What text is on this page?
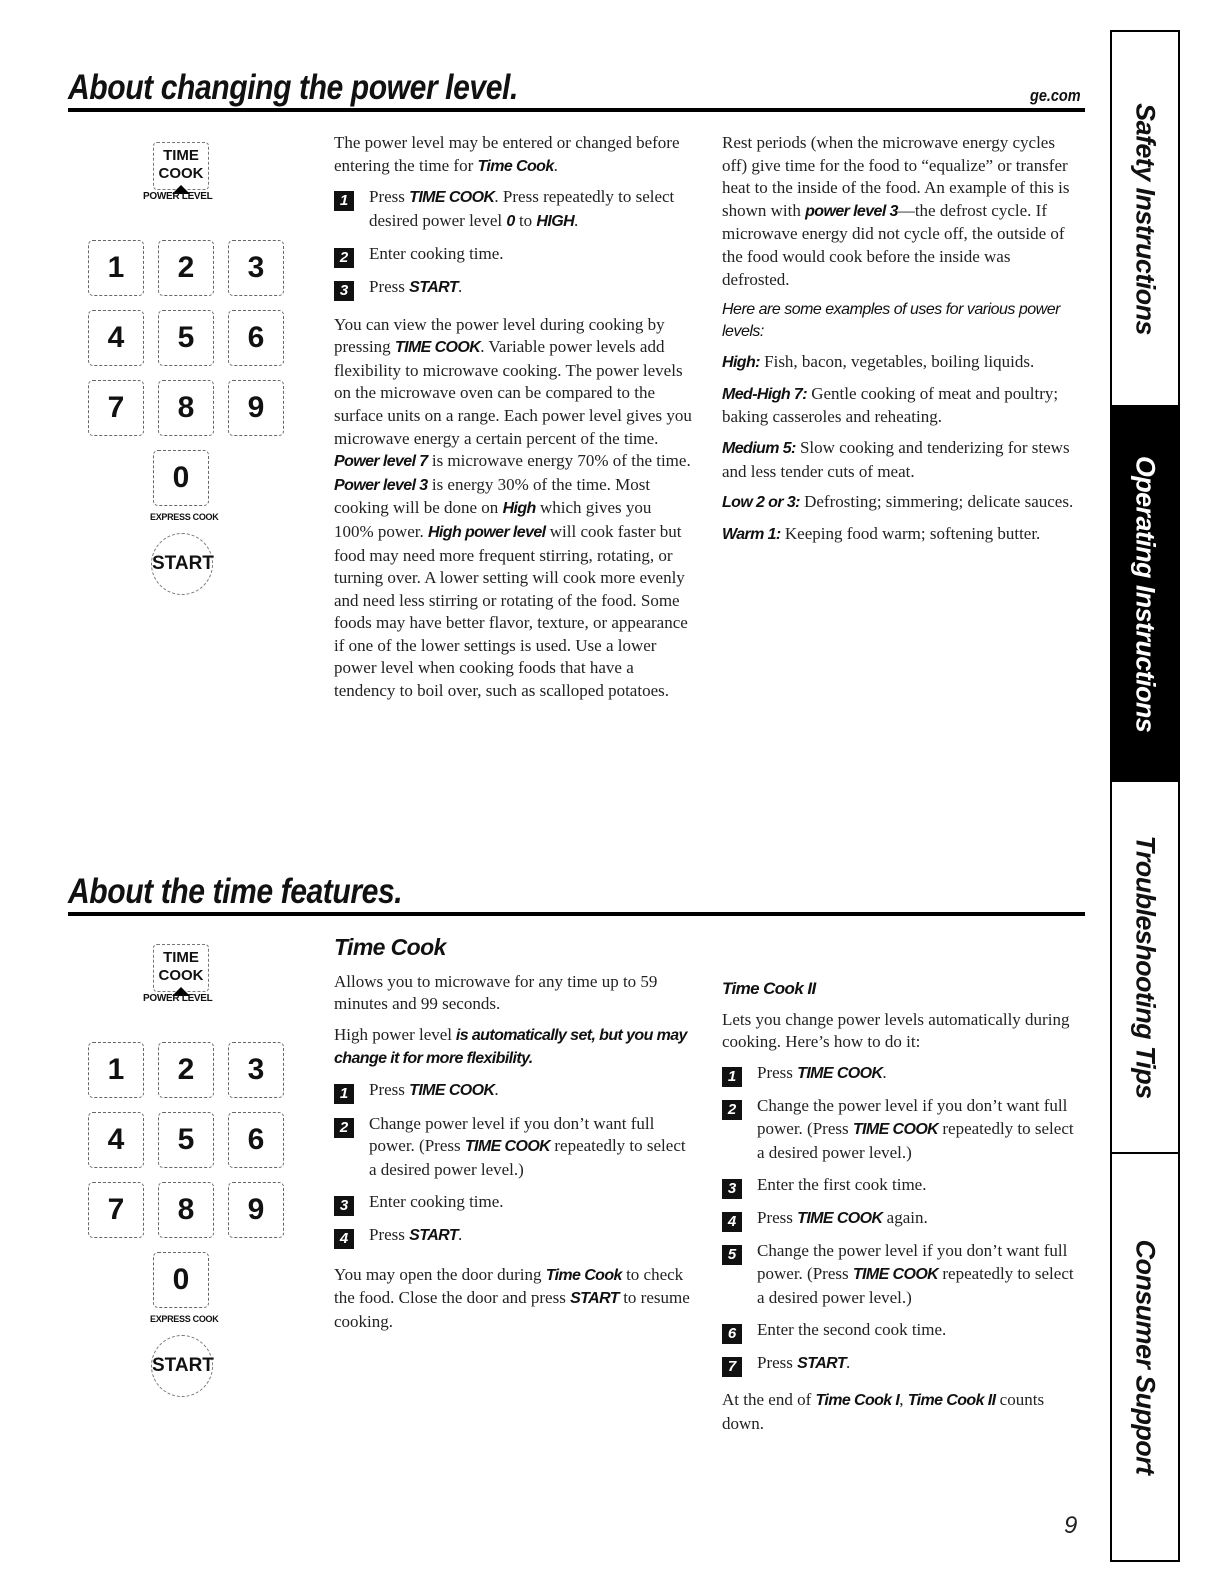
About changing the power level.	ge.com
About the time features.
TIME
COOK
POWER LEVEL
1	2	3
4	5	6
7	8	9
0
EXPRESS COOK
START
TIME
COOK
POWER LEVEL
1	2	3
4	5	6
7	8	9
0
EXPRESS COOK
START

The power level may be entered or changed before entering the time for Time Cook.

1	Press TIME COOK. Press repeatedly to select desired power level 0 to HIGH.
2	Enter cooking time.
3	Press START.

You can view the power level during cooking by pressing TIME COOK. Variable power levels add flexibility to microwave cooking. The power levels on the microwave oven can be compared to the surface units on a range. Each power level gives you microwave energy a certain percent of the time. Power level 7 is microwave energy 70% of the time. Power level 3 is energy 30% of the time. Most cooking will be done on High which gives you 100% power. High power level will cook faster but food may need more frequent stirring, rotating, or turning over. A lower setting will cook more evenly and need less stirring or rotating of the food. Some foods may have better flavor, texture, or appearance if one of the lower settings is used. Use a lower power level when cooking foods that have a tendency to boil over, such as scalloped potatoes.

Rest periods (when the microwave energy cycles off) give time for the food to “equalize” or transfer heat to the inside of the food. An example of this is shown with power level 3—the defrost cycle. If microwave energy did not cycle off, the outside of the food would cook before the inside was defrosted.

Here are some examples of uses for various power levels:

High: Fish, bacon, vegetables, boiling liquids.

Med-High 7: Gentle cooking of meat and poultry; baking casseroles and reheating.

Medium 5: Slow cooking and tenderizing for stews and less tender cuts of meat.

Low 2 or 3: Defrosting; simmering; delicate sauces.

Warm 1: Keeping food warm; softening butter.

Time Cook

Allows you to microwave for any time up to 59 minutes and 99 seconds.

High power level is automatically set, but you may change it for more flexibility.

1	Press TIME COOK.
2	Change power level if you don’t want full power. (Press TIME COOK repeatedly to select a desired power level.)
3	Enter cooking time.
4	Press START.

You may open the door during Time Cook to check the food. Close the door and press START to resume cooking.

Time Cook II

Lets you change power levels automatically during cooking. Here’s how to do it:

1	Press TIME COOK.
2	Change the power level if you don’t want full power. (Press TIME COOK repeatedly to select a desired power level.)
3	Enter the first cook time.
4	Press TIME COOK again.
5	Change the power level if you don’t want full power. (Press TIME COOK repeatedly to select a desired power level.)
6	Enter the second cook time.
7	Press START.

At the end of Time Cook I, Time Cook II counts down.

Safety Instructions
Operating Instructions
Troubleshooting Tips
Consumer Support
9
